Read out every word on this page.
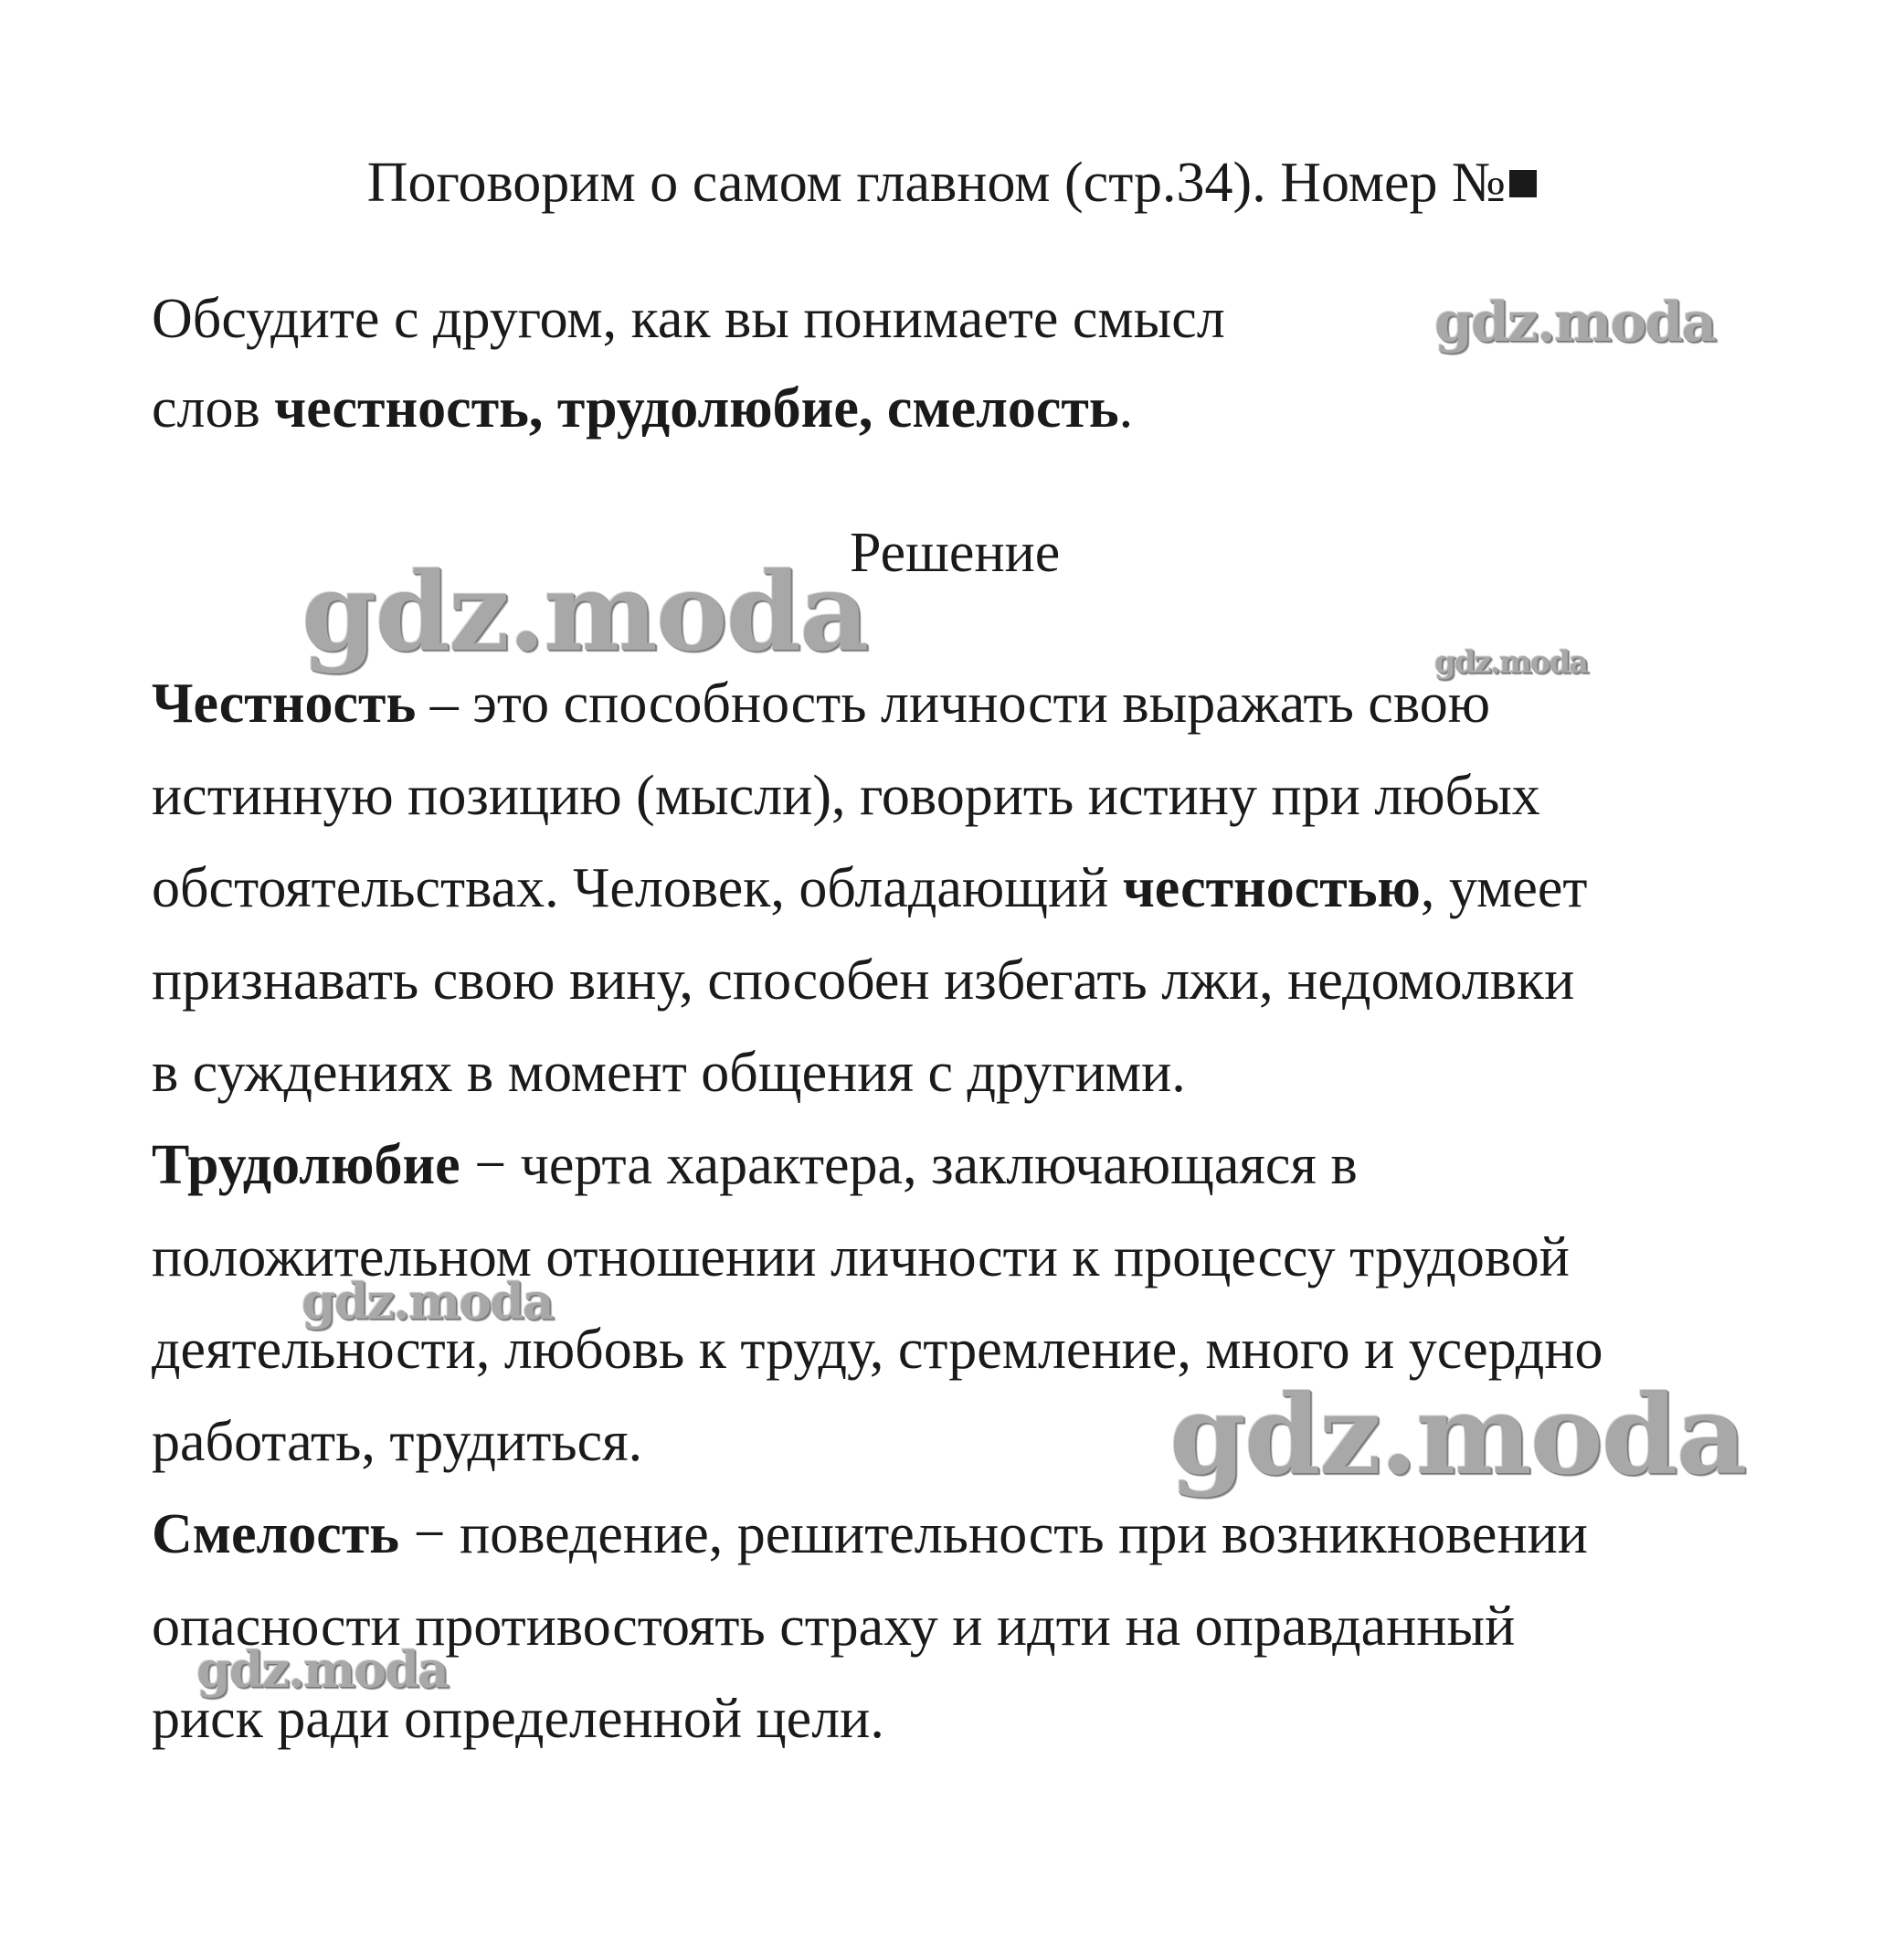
Поговорим о самом главном (стр.34). Номер №
Обсудите с другом, как вы понимаете смысл
слов честность, трудолюбие, смелость.
Решение
Честность – это способность личности выражать свою
истинную позицию (мысли), говорить истину при любых
обстоятельствах. Человек, обладающий честностью, умеет
признавать свою вину, способен избегать лжи, недомолвки
в суждениях в момент общения с другими.
Трудолюбие − черта характера, заключающаяся в
положительном отношении личности к процессу трудовой
деятельности, любовь к труду, стремление, много и усердно
работать, трудиться.
Смелость − поведение, решительность при возникновении
опасности противостоять страху и идти на оправданный
риск ради определенной цели.
gdz.moda
gdz.moda	gdz.moda
gdz.moda
gdz.moda
gdz.moda
